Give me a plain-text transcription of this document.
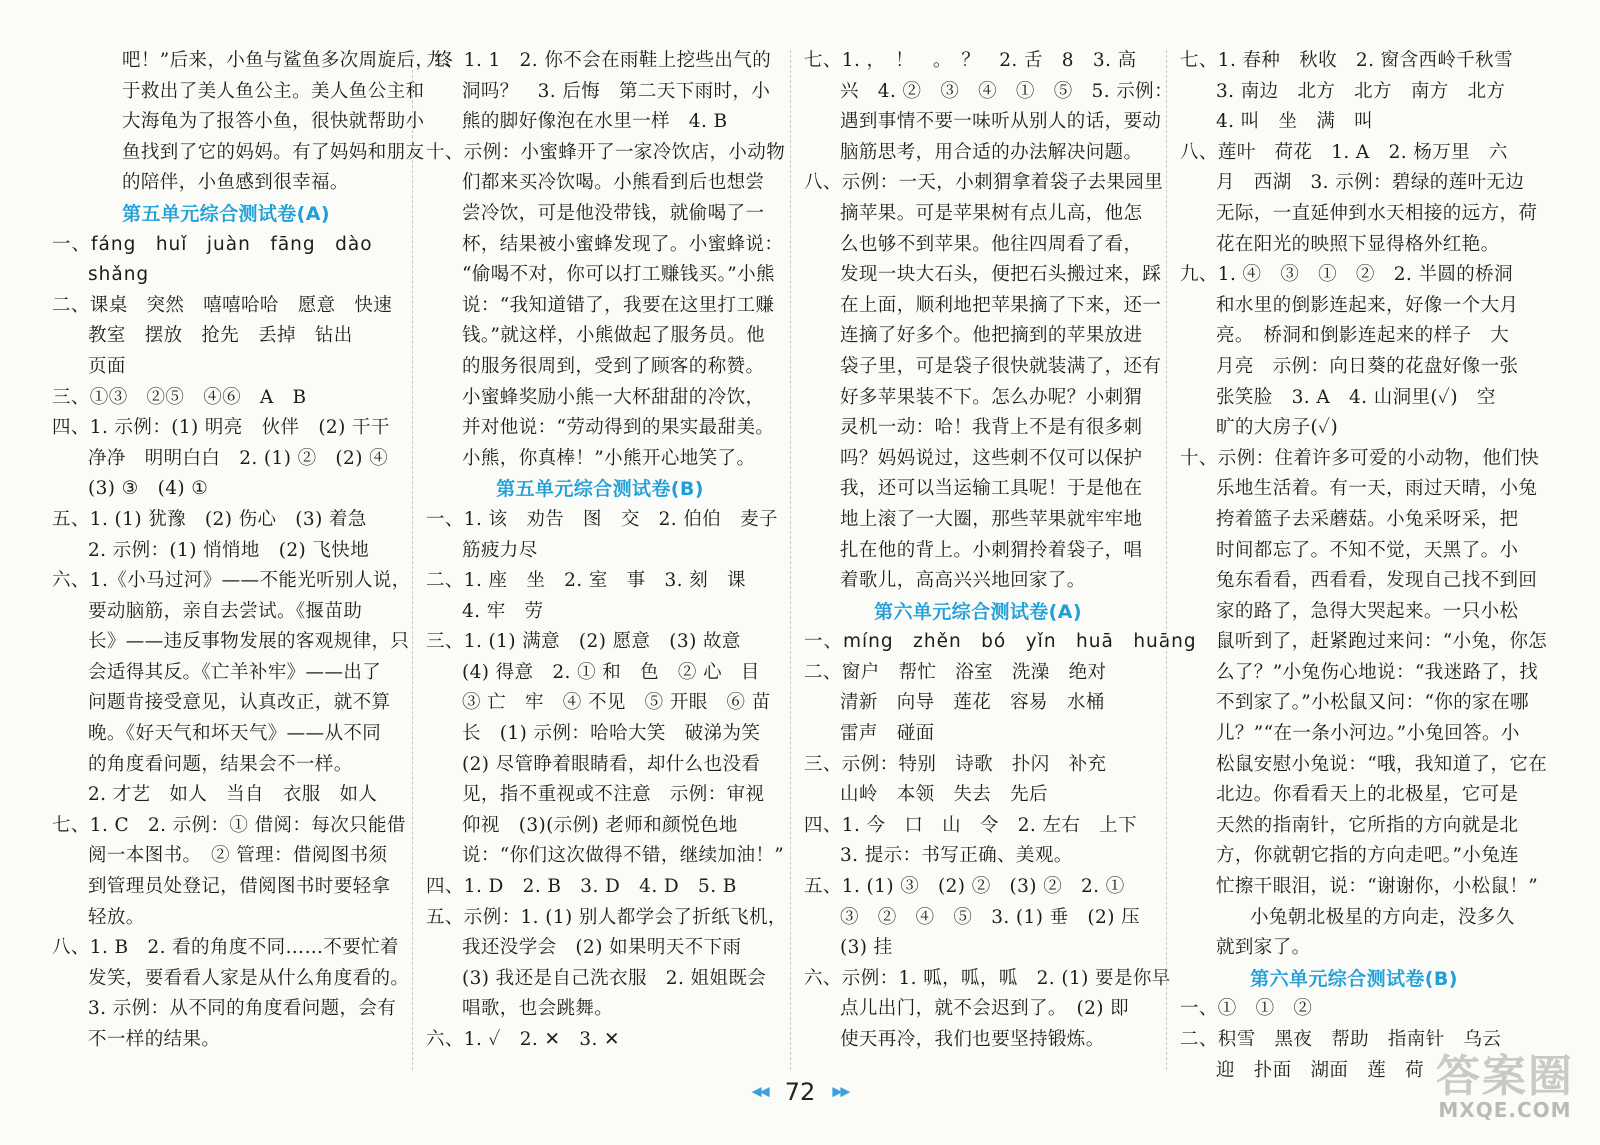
吧！”后来，小鱼与鲨鱼多次周旋后，终

于救出了美人鱼公主。美人鱼公主和

大海龟为了报答小鱼，很快就帮助小

鱼找到了它的妈妈。有了妈妈和朋友

的陪伴，小鱼感到很幸福。

第五单元综合测试卷(A)

一、fáng　huǐ　juàn　fāng　dào

shǎng

二、课桌　突然　嘻嘻哈哈　愿意　快速

教室　摆放　抢先　丢掉　钻出

页面

三、①③　②⑤　④⑥　A　B

四、1. 示例：(1) 明亮　伙伴　(2) 干干

净净　明明白白　2. (1) ②　(2) ④

(3) ③　(4) ①

五、1. (1) 犹豫　(2) 伤心　(3) 着急

2. 示例：(1) 悄悄地　(2) 飞快地

六、1.《小马过河》——不能光听别人说，

要动脑筋，亲自去尝试。《揠苗助

长》——违反事物发展的客观规律，只

会适得其反。《亡羊补牢》——出了

问题肯接受意见，认真改正，就不算

晚。《好天气和坏天气》——从不同

的角度看问题，结果会不一样。

2. 才艺　如人　当自　衣服　如人

七、1. C　2. 示例：① 借阅：每次只能借

阅一本图书。　② 管理：借阅图书须

到管理员处登记，借阅图书时要轻拿

轻放。

八、1. B　2. 看的角度不同……不要忙着

发笑，要看看人家是从什么角度看的。

3. 示例：从不同的角度看问题，会有

不一样的结果。

九、1. 1　2. 你不会在雨鞋上挖些出气的

洞吗？　3. 后悔　第二天下雨时，小

熊的脚好像泡在水里一样　4. B

十、示例：小蜜蜂开了一家冷饮店，小动物

们都来买冷饮喝。小熊看到后也想尝

尝冷饮，可是他没带钱，就偷喝了一

杯，结果被小蜜蜂发现了。小蜜蜂说：

“偷喝不对，你可以打工赚钱买。”小熊

说：“我知道错了，我要在这里打工赚

钱。”就这样，小熊做起了服务员。他

的服务很周到，受到了顾客的称赞。

小蜜蜂奖励小熊一大杯甜甜的冷饮，

并对他说：“劳动得到的果实最甜美。

小熊，你真棒！”小熊开心地笑了。

第五单元综合测试卷(B)

一、1. 该　劝告　图　交　2. 伯伯　麦子

筋疲力尽

二、1. 座　坐　2. 室　事　3. 刻　课

4. 牢　劳

三、1. (1) 满意　(2) 愿意　(3) 故意

(4) 得意　2. ① 和　色　② 心　目

③ 亡　牢　④ 不见　⑤ 开眼　⑥ 苗

长　(1) 示例：哈哈大笑　破涕为笑

(2) 尽管睁着眼睛看，却什么也没看

见，指不重视或不注意　示例：审视

仰视　(3)(示例) 老师和颜悦色地

说：“你们这次做得不错，继续加油！”

四、1. D　2. B　3. D　4. D　5. B

五、示例：1. (1) 别人都学会了折纸飞机，

我还没学会　(2) 如果明天不下雨

(3) 我还是自己洗衣服　2. 姐姐既会

唱歌，也会跳舞。

六、1. ✓　2. ✕　3. ✕

七、1. ，　！　。　？　2. 舌　8　3. 高

兴　4. ②　③　④　①　⑤　5. 示例：

遇到事情不要一味听从别人的话，要动

脑筋思考，用合适的办法解决问题。

八、示例：一天，小刺猬拿着袋子去果园里

摘苹果。可是苹果树有点儿高，他怎

么也够不到苹果。他往四周看了看，

发现一块大石头，便把石头搬过来，踩

在上面，顺利地把苹果摘了下来，还一

连摘了好多个。他把摘到的苹果放进

袋子里，可是袋子很快就装满了，还有

好多苹果装不下。怎么办呢？小刺猬

灵机一动：哈！我背上不是有很多刺

吗？妈妈说过，这些刺不仅可以保护

我，还可以当运输工具呢！于是他在

地上滚了一大圈，那些苹果就牢牢地

扎在他的背上。小刺猬拎着袋子，唱

着歌儿，高高兴兴地回家了。

第六单元综合测试卷(A)

一、míng　zhěn　bó　yǐn　huā　huāng

二、窗户　帮忙　浴室　洗澡　绝对

清新　向导　莲花　容易　水桶

雷声　碰面

三、示例：特别　诗歌　扑闪　补充

山岭　本领　失去　先后

四、1. 今　口　山　令　2. 左右　上下

3. 提示：书写正确、美观。

五、1. (1) ③　(2) ②　(3) ②　2. ①

③　②　④　⑤　3. (1) 垂　(2) 压

(3) 挂

六、示例：1. 呱，呱，呱　2. (1) 要是你早

点儿出门，就不会迟到了。　(2) 即

使天再冷，我们也要坚持锻炼。

七、1. 春种　秋收　2. 窗含西岭千秋雪

3. 南边　北方　北方　南方　北方

4. 叫　坐　满　叫

八、莲叶　荷花　1. A　2. 杨万里　六

月　西湖　3. 示例：碧绿的莲叶无边

无际，一直延伸到水天相接的远方，荷

花在阳光的映照下显得格外红艳。

九、1. ④　③　①　②　2. 半圆的桥洞

和水里的倒影连起来，好像一个大月

亮。　桥洞和倒影连起来的样子　大

月亮　示例：向日葵的花盘好像一张

张笑脸　3. A　4. 山洞里(✓)　空

旷的大房子(✓)

十、示例：住着许多可爱的小动物，他们快

乐地生活着。有一天，雨过天晴，小兔

挎着篮子去采蘑菇。小兔采呀采，把

时间都忘了。不知不觉，天黑了。小

兔东看看，西看看，发现自己找不到回

家的路了，急得大哭起来。一只小松

鼠听到了，赶紧跑过来问：“小兔，你怎

么了？”小兔伤心地说：“我迷路了，找

不到家了。”小松鼠又问：“你的家在哪

儿？”“在一条小河边。”小兔回答。小

松鼠安慰小兔说：“哦，我知道了，它在

北边。你看看天上的北极星，它可是

天然的指南针，它所指的方向就是北

方，你就朝它指的方向走吧。”小兔连

忙擦干眼泪，说：“谢谢你，小松鼠！”

小兔朝北极星的方向走，没多久

就到家了。

第六单元综合测试卷(B)

一、①　①　②

二、积雪　黑夜　帮助　指南针　乌云

迎　扑面　湖面　莲　荷

◀◀ 72 ▶▶	答案圈
MXQE.COM
